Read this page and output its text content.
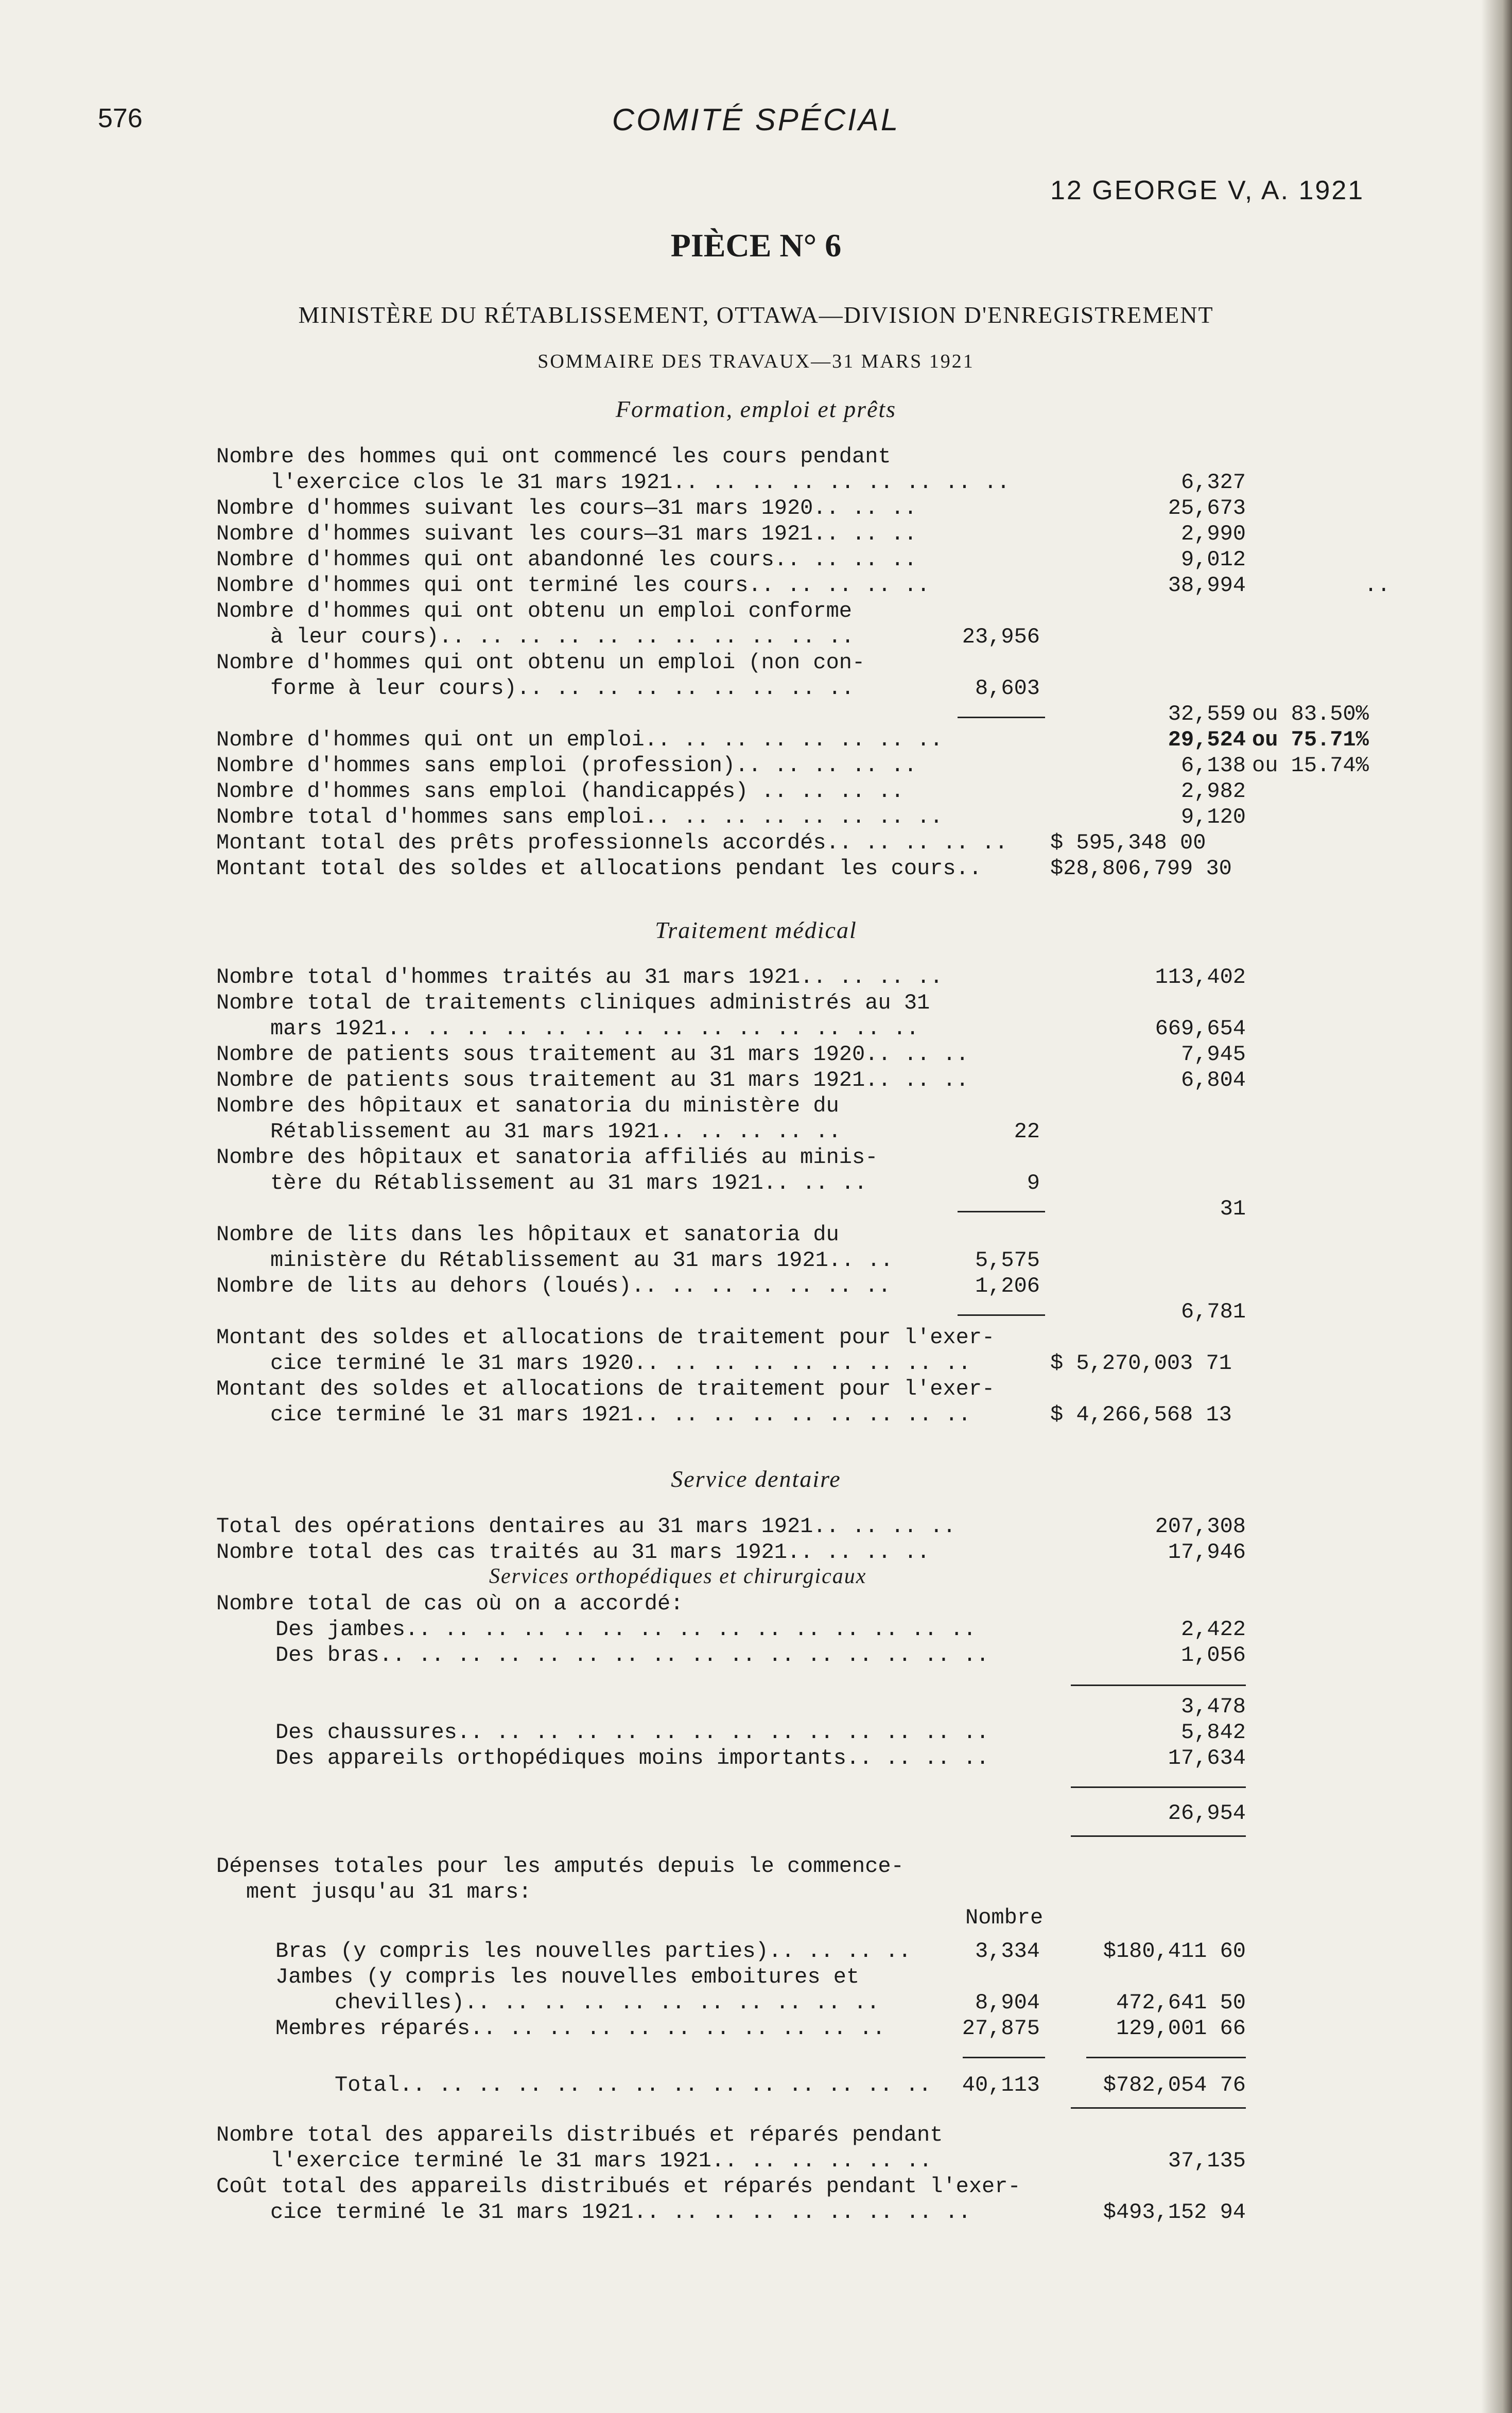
576	COMITÉ SPÉCIAL
12 GEORGE V, A. 1921
PIÈCE N° 6
MINISTÈRE DU RÉTABLISSEMENT, OTTAWA—DIVISION D'ENREGISTREMENT
SOMMAIRE DES TRAVAUX—31 MARS 1921
Formation, emploi et prêts
Nombre des hommes qui ont commencé les cours pendant
l'exercice clos le 31 mars 1921.. .. .. .. .. .. .. .. ..	6,327
Nombre d'hommes suivant les cours—31 mars 1920.. .. ..	25,673
Nombre d'hommes suivant les cours—31 mars 1921.. .. ..	2,990
Nombre d'hommes qui ont abandonné les cours.. .. .. ..	9,012
Nombre d'hommes qui ont terminé les cours.. .. .. .. ..	38,994	..
Nombre d'hommes qui ont obtenu un emploi conforme
à leur cours).. .. .. .. .. .. .. .. .. .. ..	23,956
Nombre d'hommes qui ont obtenu un emploi (non con-
forme à leur cours).. .. .. .. .. .. .. .. ..	8,603
32,559 ou 83.50%
Nombre d'hommes qui ont un emploi.. .. .. .. .. .. .. ..	29,524 ou 75.71%
Nombre d'hommes sans emploi (profession).. .. .. .. ..	6,138 ou 15.74%
Nombre d'hommes sans emploi (handicappés) .. .. .. ..	2,982
Nombre total d'hommes sans emploi.. .. .. .. .. .. .. ..	9,120
Montant total des prêts professionnels accordés.. .. .. .. .. $ 595,348 00
Montant total des soldes et allocations pendant les cours..	$28,806,799 30
Traitement médical
Nombre total d'hommes traités au 31 mars 1921.. .. .. ..	113,402
Nombre total de traitements cliniques administrés au 31
mars 1921.. .. .. .. .. .. .. .. .. .. .. .. .. ..	669,654
Nombre de patients sous traitement au 31 mars 1920.. .. ..	7,945
Nombre de patients sous traitement au 31 mars 1921.. .. ..	6,804
Nombre des hôpitaux et sanatoria du ministère du
Rétablissement au 31 mars 1921.. .. .. .. ..	22
Nombre des hôpitaux et sanatoria affiliés au minis-
tère du Rétablissement au 31 mars 1921.. .. ..	9
31
Nombre de lits dans les hôpitaux et sanatoria du
ministère du Rétablissement au 31 mars 1921.. ..	5,575
Nombre de lits au dehors (loués).. .. .. .. .. .. ..	1,206
6,781
Montant des soldes et allocations de traitement pour l'exer-
cice terminé le 31 mars 1920.. .. .. .. .. .. .. .. ..	$ 5,270,003 71
Montant des soldes et allocations de traitement pour l'exer-
cice terminé le 31 mars 1921.. .. .. .. .. .. .. .. ..	$ 4,266,568 13
Service dentaire
Total des opérations dentaires au 31 mars 1921.. .. .. ..	207,308
Nombre total des cas traités au 31 mars 1921.. .. .. ..	17,946
Services orthopédiques et chirurgicaux
Nombre total de cas où on a accordé:
Des jambes.. .. .. .. .. .. .. .. .. .. .. .. .. .. ..	2,422
Des bras.. .. .. .. .. .. .. .. .. .. .. .. .. .. .. ..	1,056
3,478
Des chaussures.. .. .. .. .. .. .. .. .. .. .. .. .. ..	5,842
Des appareils orthopédiques moins importants.. .. .. ..	17,634
26,954
Dépenses totales pour les amputés depuis le commence-
ment jusqu'au 31 mars:
Nombre
Bras (y compris les nouvelles parties).. .. .. ..	3,334	$180,411 60
Jambes (y compris les nouvelles emboitures et
chevilles).. .. .. .. .. .. .. .. .. .. ..	8,904	472,641 50
Membres réparés.. .. .. .. .. .. .. .. .. .. ..	27,875	129,001 66
Total.. .. .. .. .. .. .. .. .. .. .. .. .. ..	40,113	$782,054 76
Nombre total des appareils distribués et réparés pendant
l'exercice terminé le 31 mars 1921.. .. .. .. .. ..	37,135
Coût total des appareils distribués et réparés pendant l'exer-
cice terminé le 31 mars 1921.. .. .. .. .. .. .. .. ..	$493,152 94
